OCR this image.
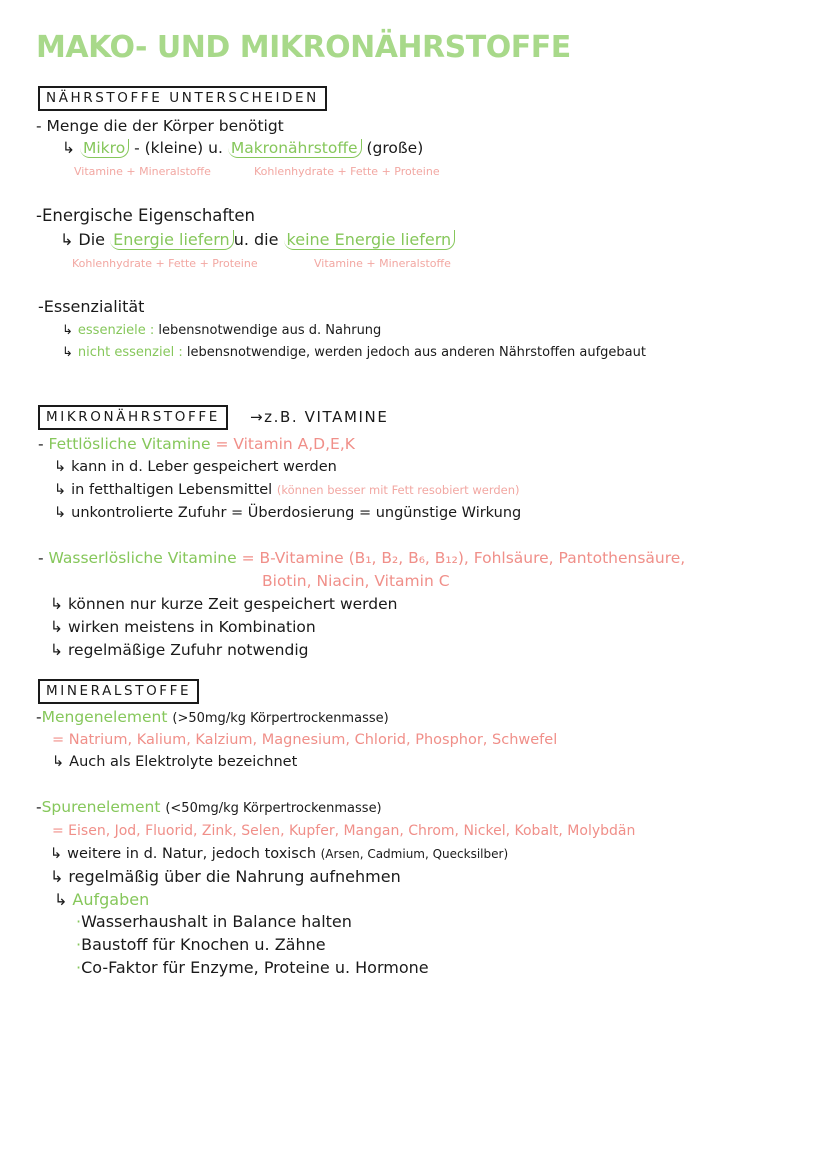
MAKO- UND MIKRONÄHRSTOFFE
NÄHRSTOFFE UNTERSCHEIDEN
- Menge die der Körper benötigt
↳ Mikro - (kleine) u. Makronährstoffe (große)
Vitamine + Mineralstoffe	Kohlenhydrate + Fette + Proteine
-Energische Eigenschaften
↳ Die Energie liefern u. die keine Energie liefern
Kohlenhydrate + Fette + Proteine	Vitamine + Mineralstoffe
-Essenzialität
↳ essenziele : lebensnotwendige aus d. Nahrung
↳ nicht essenziel : lebensnotwendige, werden jedoch aus anderen Nährstoffen aufgebaut
MIKRONÄHRSTOFFE	→z.B. VITAMINE
- Fettlösliche Vitamine = Vitamin A,D,E,K
↳ kann in d. Leber gespeichert werden
↳ in fetthaltigen Lebensmittel (können besser mit Fett resobiert werden)
↳ unkontrolierte Zufuhr = Überdosierung = ungünstige Wirkung
- Wasserlösliche Vitamine = B-Vitamine (B₁, B₂, B₆, B₁₂), Fohlsäure, Pantothensäure,
Biotin, Niacin, Vitamin C
↳ können nur kurze Zeit gespeichert werden
↳ wirken meistens in Kombination
↳ regelmäßige Zufuhr notwendig
MINERALSTOFFE
-Mengenelement (>50mg/kg Körpertrockenmasse)
= Natrium, Kalium, Kalzium, Magnesium, Chlorid, Phosphor, Schwefel
↳ Auch als Elektrolyte bezeichnet
-Spurenelement (<50mg/kg Körpertrockenmasse)
= Eisen, Jod, Fluorid, Zink, Selen, Kupfer, Mangan, Chrom, Nickel, Kobalt, Molybdän
↳ weitere in d. Natur, jedoch toxisch (Arsen, Cadmium, Quecksilber)
↳ regelmäßig über die Nahrung aufnehmen
↳ Aufgaben
·Wasserhaushalt in Balance halten
·Baustoff für Knochen u. Zähne
·Co-Faktor für Enzyme, Proteine u. Hormone
